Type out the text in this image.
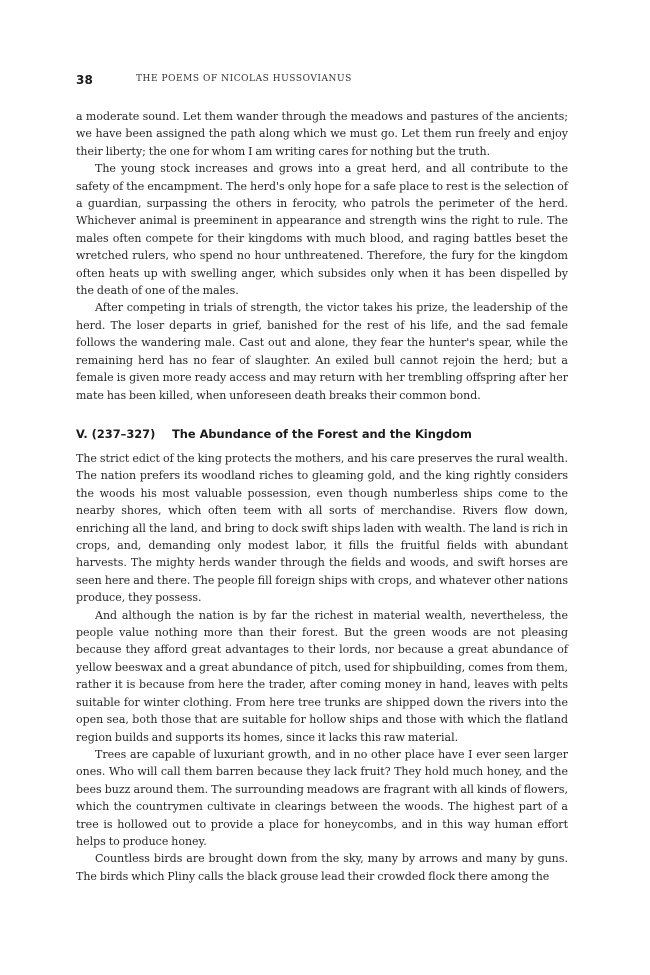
38	THE POEMS OF NICOLAS HUSSOVIANUS

a moderate sound. Let them wander through the meadows and pastures of the ancients; we have been assigned the path along which we must go. Let them run freely and enjoy their liberty; the one for whom I am writing cares for nothing but the truth.

The young stock increases and grows into a great herd, and all contribute to the safety of the encampment. The herd's only hope for a safe place to rest is the selection of a guardian, surpassing the others in ferocity, who patrols the perimeter of the herd. Whichever animal is preeminent in appearance and strength wins the right to rule. The males often compete for their kingdoms with much blood, and raging battles beset the wretched rulers, who spend no hour unthreatened. Therefore, the fury for the kingdom often heats up with swelling anger, which subsides only when it has been dispelled by the death of one of the males.

After competing in trials of strength, the victor takes his prize, the leadership of the herd. The loser departs in grief, banished for the rest of his life, and the sad female follows the wandering male. Cast out and alone, they fear the hunter's spear, while the remaining herd has no fear of slaughter. An exiled bull cannot rejoin the herd; but a female is given more ready access and may return with her trembling offspring after her mate has been killed, when unforeseen death breaks their common bond.

V. (237–327) The Abundance of the Forest and the Kingdom

The strict edict of the king protects the mothers, and his care preserves the rural wealth. The nation prefers its woodland riches to gleaming gold, and the king rightly considers the woods his most valuable possession, even though numberless ships come to the nearby shores, which often teem with all sorts of merchandise. Rivers flow down, enriching all the land, and bring to dock swift ships laden with wealth. The land is rich in crops, and, demanding only modest labor, it fills the fruitful fields with abundant harvests. The mighty herds wander through the fields and woods, and swift horses are seen here and there. The people fill foreign ships with crops, and whatever other nations produce, they possess.

And although the nation is by far the richest in material wealth, nevertheless, the people value nothing more than their forest. But the green woods are not pleasing because they afford great advantages to their lords, nor because a great abundance of yellow beeswax and a great abundance of pitch, used for shipbuilding, comes from them, rather it is because from here the trader, after coming money in hand, leaves with pelts suitable for winter clothing. From here tree trunks are shipped down the rivers into the open sea, both those that are suitable for hollow ships and those with which the flatland region builds and supports its homes, since it lacks this raw material.

Trees are capable of luxuriant growth, and in no other place have I ever seen larger ones. Who will call them barren because they lack fruit? They hold much honey, and the bees buzz around them. The surrounding meadows are fragrant with all kinds of flowers, which the countrymen cultivate in clearings between the woods. The highest part of a tree is hollowed out to provide a place for honeycombs, and in this way human effort helps to produce honey.

Countless birds are brought down from the sky, many by arrows and many by guns. The birds which Pliny calls the black grouse lead their crowded flock there among the
